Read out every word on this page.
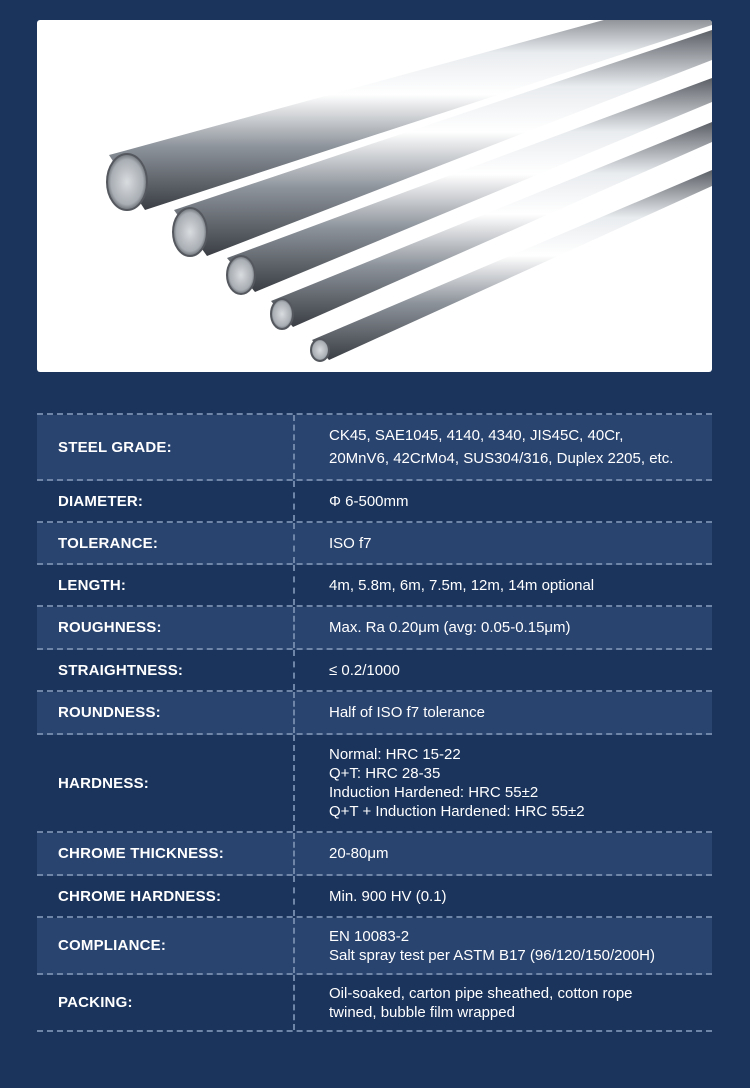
STEEL GRADE:
CK45, SAE1045, 4140, 4340, JIS45C, 40Cr,
20MnV6, 42CrMo4, SUS304/316, Duplex 2205, etc.
DIAMETER:	Φ 6-500mm
TOLERANCE:	ISO f7
LENGTH:	4m, 5.8m, 6m, 7.5m, 12m, 14m optional
ROUGHNESS:	Max. Ra 0.20μm (avg: 0.05-0.15μm)
STRAIGHTNESS:	≤ 0.2/1000
ROUNDNESS:	Half of ISO f7 tolerance
HARDNESS:
Normal: HRC 15-22
Q+T: HRC 28-35
Induction Hardened: HRC 55±2
Q+T + Induction Hardened: HRC 55±2
CHROME THICKNESS:	20-80μm
CHROME HARDNESS:	Min. 900 HV (0.1)
COMPLIANCE:
EN 10083-2
Salt spray test per ASTM B17 (96/120/150/200H)
PACKING:
Oil-soaked, carton pipe sheathed, cotton rope
twined, bubble film wrapped
